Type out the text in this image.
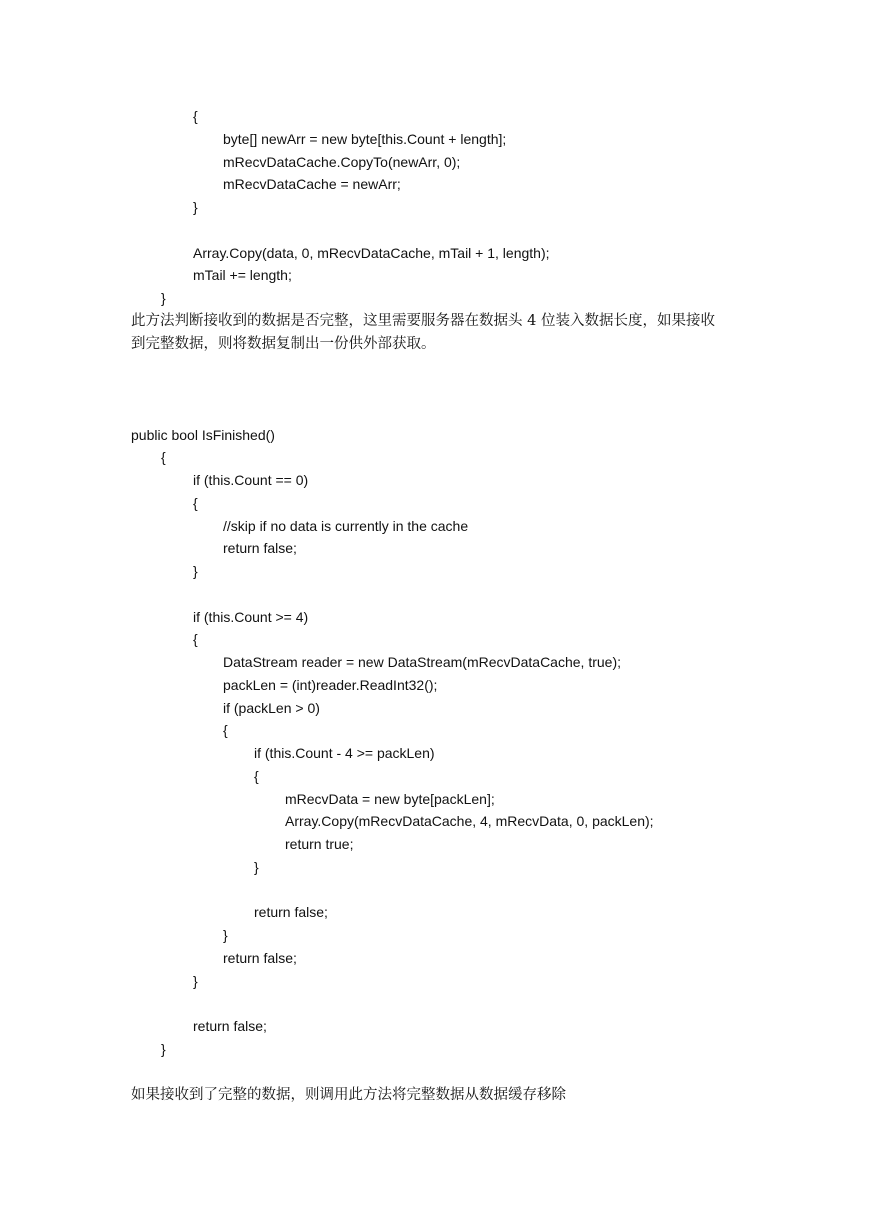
{
byte[] newArr = new byte[this.Count + length];
mRecvDataCache.CopyTo(newArr, 0);
mRecvDataCache = newArr;
}
Array.Copy(data, 0, mRecvDataCache, mTail + 1, length);
mTail += length;
}
此方法判断接收到的数据是否完整，这里需要服务器在数据头 4 位装入数据长度，如果接收
到完整数据，则将数据复制出一份供外部获取。
public bool IsFinished()
{
if (this.Count == 0)
{
//skip if no data is currently in the cache
return false;
}
if (this.Count >= 4)
{
DataStream reader = new DataStream(mRecvDataCache, true);
packLen = (int)reader.ReadInt32();
if (packLen > 0)
{
if (this.Count - 4 >= packLen)
{
mRecvData = new byte[packLen];
Array.Copy(mRecvDataCache, 4, mRecvData, 0, packLen);
return true;
}
return false;
}
return false;
}
return false;
}
如果接收到了完整的数据，则调用此方法将完整数据从数据缓存移除
